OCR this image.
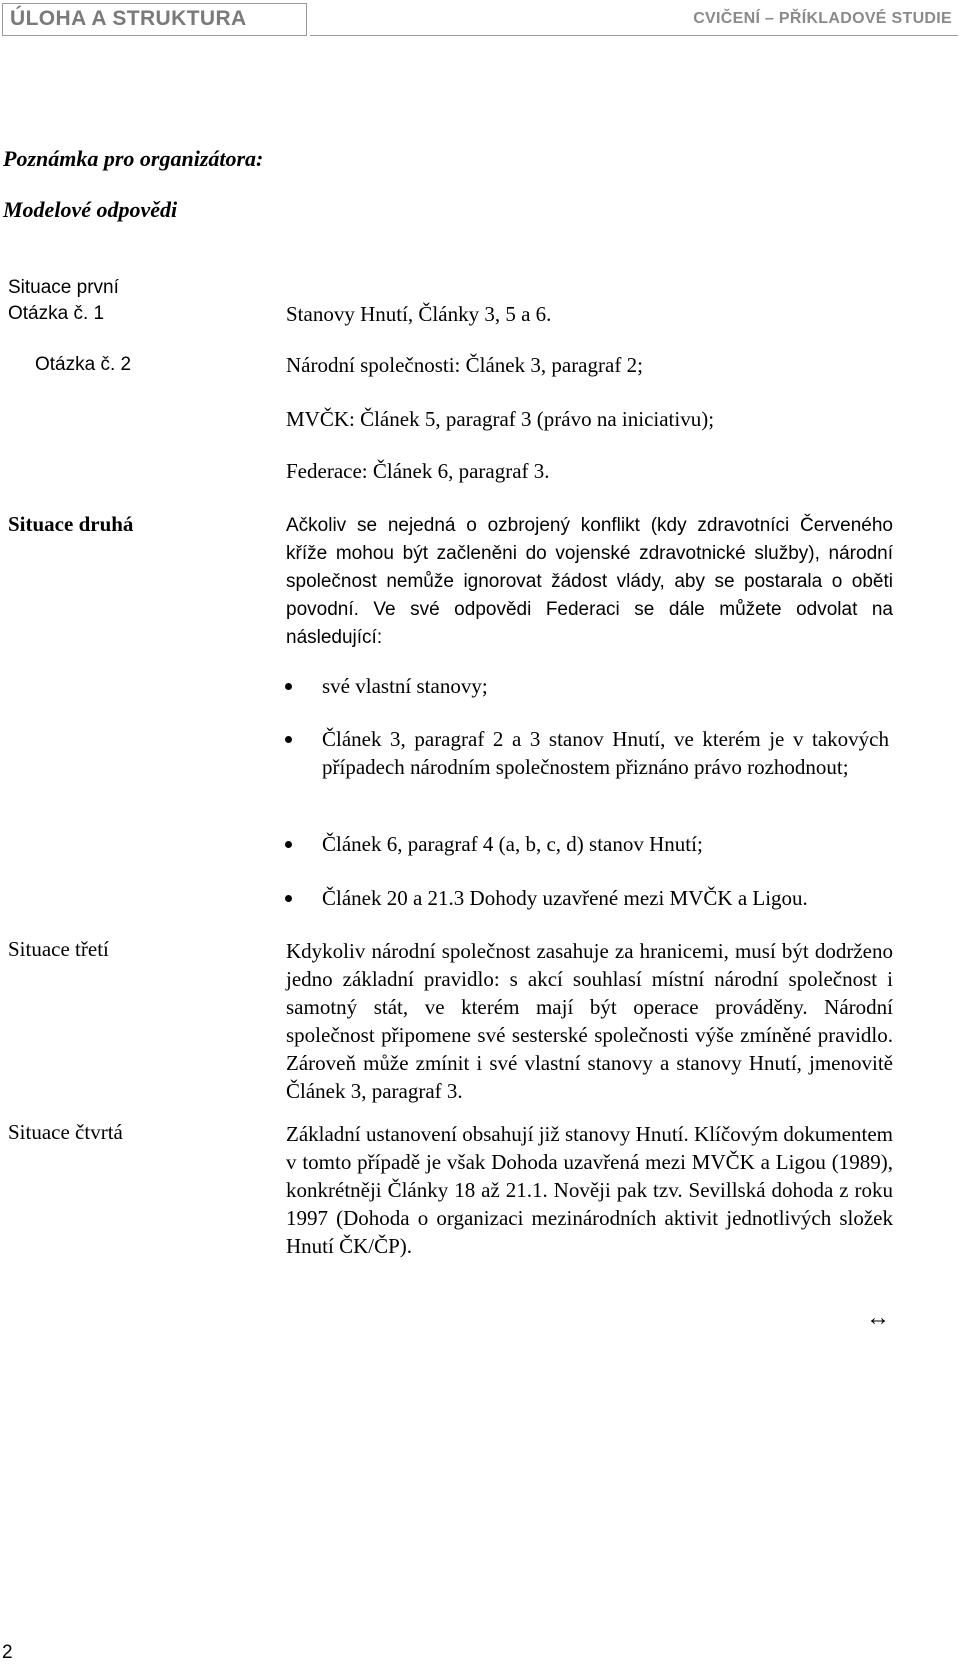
ÚLOHA A STRUKTURA	CVIČENÍ – PŘÍKLADOVÉ STUDIE
Poznámka pro organizátora:
Modelové odpovědi
Situace první
Otázka č. 1	Stanovy Hnutí, Články 3, 5 a 6.
Otázka č. 2	Národní společnosti: Článek 3, paragraf 2;
MVČK: Článek 5, paragraf 3 (právo na iniciativu);
Federace: Článek 6, paragraf 3.
Situace druhá	Ačkoliv se nejedná o ozbrojený konflikt (kdy zdravotníci Červeného kříže mohou být začleněni do vojenské zdravotnické služby), národní společnost nemůže ignorovat žádost vlády, aby se postarala o oběti povodní. Ve své odpovědi Federaci se dále můžete odvolat na následující:
své vlastní stanovy;
Článek 3, paragraf 2 a 3 stanov Hnutí, ve kterém je v takových případech národním společnostem přiznáno právo rozhodnout;
Článek 6, paragraf 4 (a, b, c, d) stanov Hnutí;
Článek 20 a 21.3 Dohody uzavřené mezi MVČK a Ligou.
Situace třetí	Kdykoliv národní společnost zasahuje za hranicemi, musí být dodrženo jedno základní pravidlo: s akcí souhlasí místní národní společnost i samotný stát, ve kterém mají být operace prováděny. Národní společnost připomene své sesterské společnosti výše zmíněné pravidlo. Zároveň může zmínit i své vlastní stanovy a stanovy Hnutí, jmenovitě Článek 3, paragraf 3.
Situace čtvrtá	Základní ustanovení obsahují již stanovy Hnutí. Klíčovým dokumentem v tomto případě je však Dohoda uzavřená mezi MVČK a Ligou (1989), konkrétněji Články 18 až 21.1. Nověji pak tzv. Sevillská dohoda z roku 1997 (Dohoda o organizaci mezinárodních aktivit jednotlivých složek Hnutí ČK/ČP).
↔
2
